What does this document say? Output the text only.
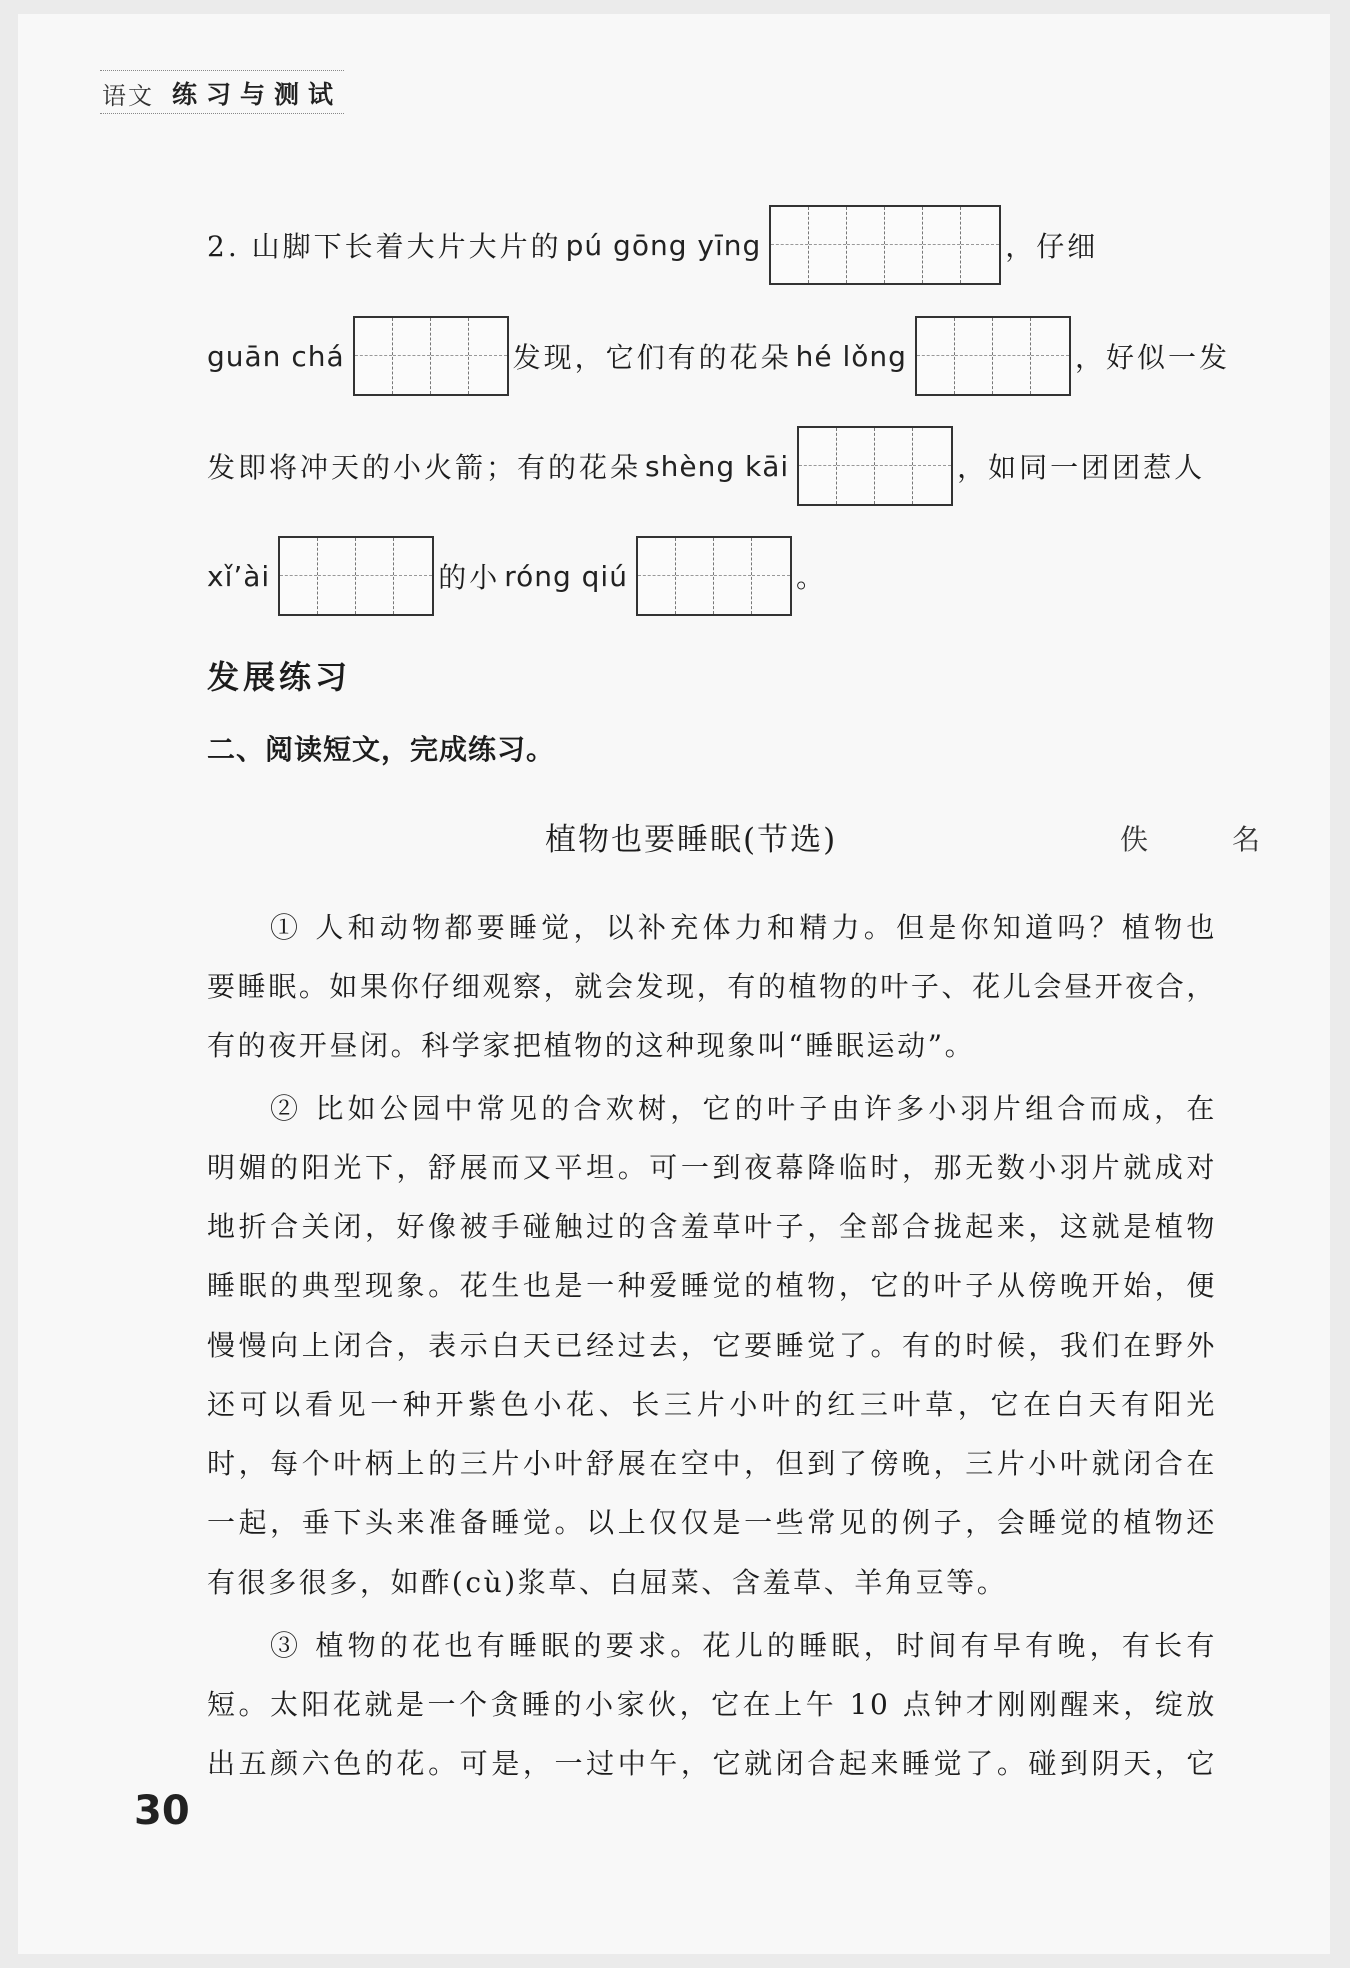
语文 练习与测试
2. 山脚下长着大片大片的 pú gōng yīng	，仔细
guān chá	发现，它们有的花朵 hé lǒng	，好似一发
发即将冲天的小火箭；有的花朵 shèng kāi	，如同一团团惹人
xǐ’ài	的小 róng qiú	。
发展练习
二、阅读短文，完成练习。
植物也要睡眠(节选)	佚　名
① 人和动物都要睡觉，以补充体力和精力。但是你知道吗？植物也
要睡眠。如果你仔细观察，就会发现，有的植物的叶子、花儿会昼开夜合，
有的夜开昼闭。科学家把植物的这种现象叫“睡眠运动”。
② 比如公园中常见的合欢树，它的叶子由许多小羽片组合而成，在
明媚的阳光下，舒展而又平坦。可一到夜幕降临时，那无数小羽片就成对
地折合关闭，好像被手碰触过的含羞草叶子，全部合拢起来，这就是植物
睡眠的典型现象。花生也是一种爱睡觉的植物，它的叶子从傍晚开始，便
慢慢向上闭合，表示白天已经过去，它要睡觉了。有的时候，我们在野外
还可以看见一种开紫色小花、长三片小叶的红三叶草，它在白天有阳光
时，每个叶柄上的三片小叶舒展在空中，但到了傍晚，三片小叶就闭合在
一起，垂下头来准备睡觉。以上仅仅是一些常见的例子，会睡觉的植物还
有很多很多，如酢(cù)浆草、白屈菜、含羞草、羊角豆等。
③ 植物的花也有睡眠的要求。花儿的睡眠，时间有早有晚，有长有
短。太阳花就是一个贪睡的小家伙，它在上午 10 点钟才刚刚醒来，绽放
出五颜六色的花。可是，一过中午，它就闭合起来睡觉了。碰到阴天，它
30
